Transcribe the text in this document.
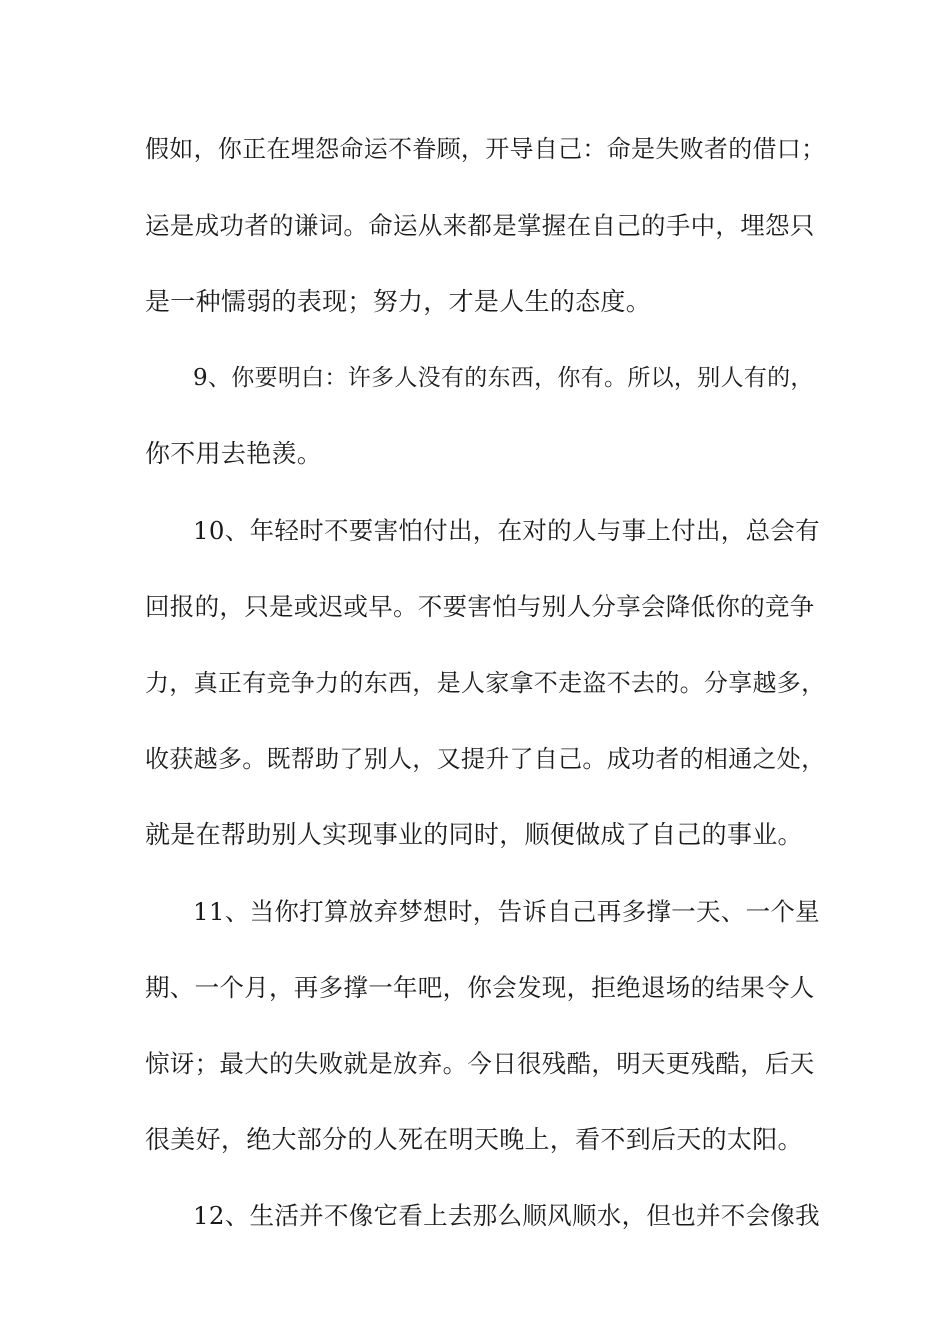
假如，你正在埋怨命运不眷顾，开导自己：命是失败者的借口；
运是成功者的谦词。命运从来都是掌握在自己的手中，埋怨只
是一种懦弱的表现；努力，才是人生的态度。
9、你要明白：许多人没有的东西，你有。所以，别人有的，
你不用去艳羡。
10、年轻时不要害怕付出，在对的人与事上付出，总会有
回报的，只是或迟或早。不要害怕与别人分享会降低你的竞争
力，真正有竞争力的东西，是人家拿不走盗不去的。分享越多，
收获越多。既帮助了别人，又提升了自己。成功者的相通之处，
就是在帮助别人实现事业的同时，顺便做成了自己的事业。
11、当你打算放弃梦想时，告诉自己再多撑一天、一个星
期、一个月，再多撑一年吧，你会发现，拒绝退场的结果令人
惊讶；最大的失败就是放弃。今日很残酷，明天更残酷，后天
很美好，绝大部分的人死在明天晚上，看不到后天的太阳。
12、生活并不像它看上去那么顺风顺水，但也并不会像我
